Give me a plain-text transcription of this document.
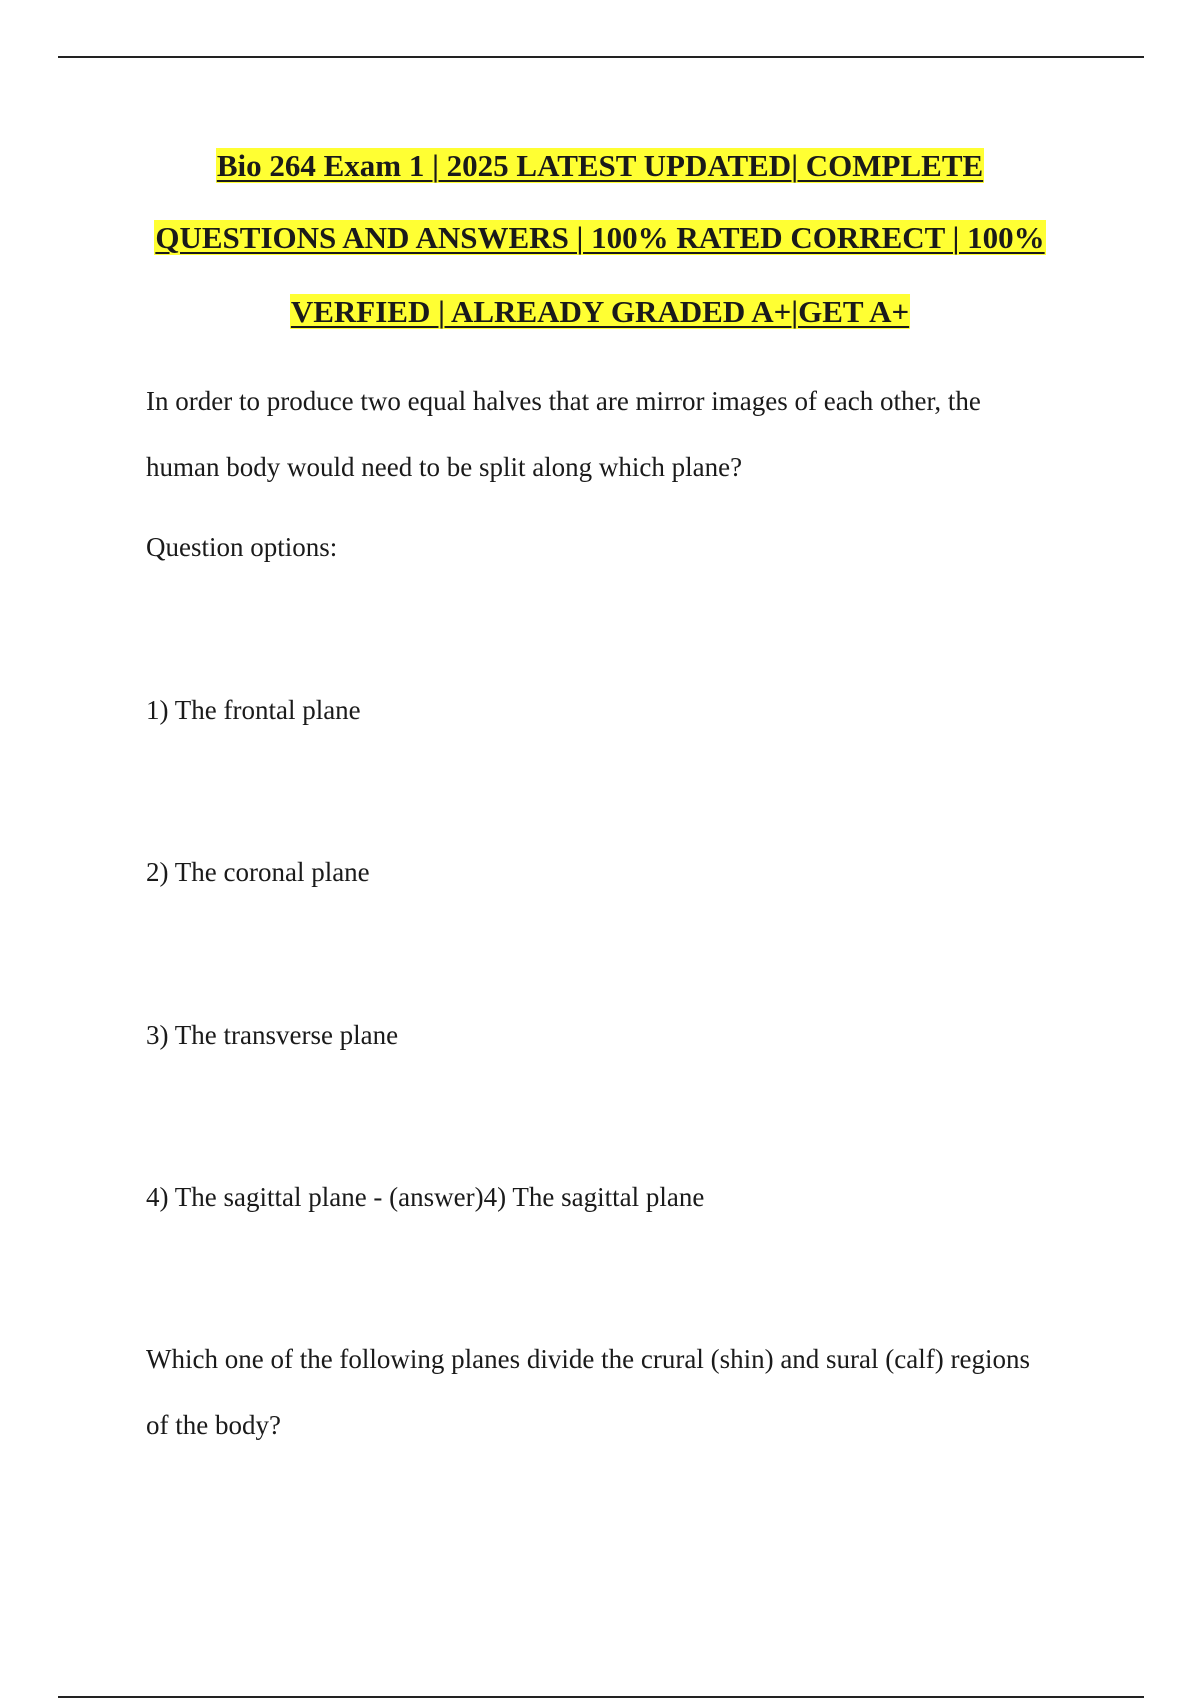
Bio 264 Exam 1 | 2025 LATEST UPDATED| COMPLETE
QUESTIONS AND ANSWERS | 100% RATED CORRECT | 100%
VERFIED | ALREADY GRADED A+|GET A+
In order to produce two equal halves that are mirror images of each other, the
human body would need to be split along which plane?
Question options:
1) The frontal plane
2) The coronal plane
3) The transverse plane
4) The sagittal plane - (answer)4) The sagittal plane
Which one of the following planes divide the crural (shin) and sural (calf) regions
of the body?
